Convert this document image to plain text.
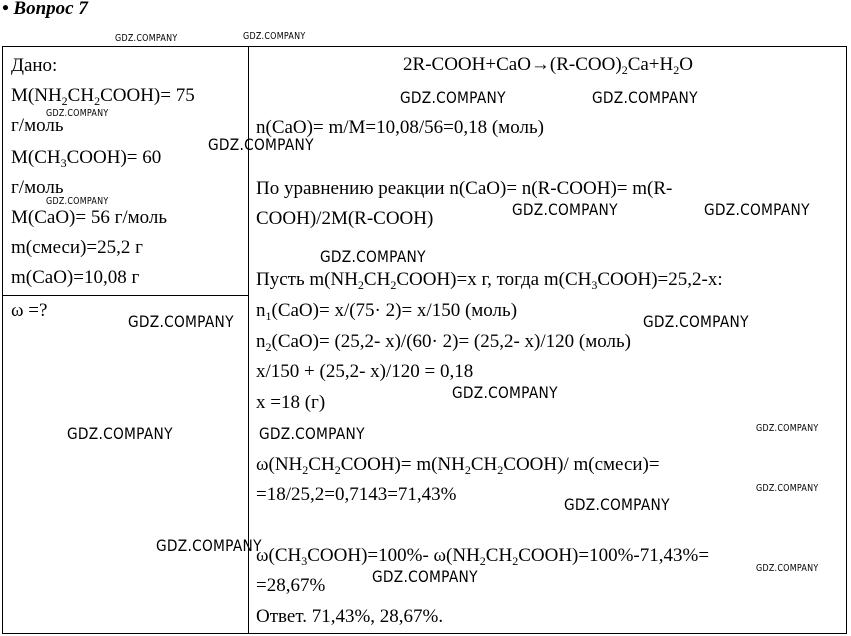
• Вопрос 7
Дано:
$M(NH_2CH_2COOH)= 75$
г/моль
$M(CH_3COOH)= 60$
г/моль
M(CaO)= 56 г/моль
m(смеси)=25,2 г
m(CaO)=10,08 г
ω =?
$2R-COOH+CaO\to(R-COO)_2Ca+H_2O$
n(CaO)= m/M=10,08/56=0,18 (моль)
По уравнению реакции n(CaO)= n(R-COOH)= m(R-
COOH)/2M(R-COOH)
Пусть $m(NH_2CH_2COOH)=х$ г, тогда $m(CH_3COOH)=25,2-х$:
$n_1(CaO)= х/(75\cdot 2)= х/150$ (моль)
$n_2(CaO)= (25,2-$ х)/(60· 2)= (25,2- х)/120 (моль)
х/150 + (25,2- х)/120 = 0,18
х =18 (г)
$\omega(NH_2CH_2COOH)=$ $m(NH_2CH_2COOH)/$ m(смеси)=
=18/25,2=0,7143=71,43%
$\omega(CH_3COOH)=100\%-$ $\omega(NH_2CH_2COOH)=100\%-71,43\%=$
=28,67%
Ответ. 71,43%, 28,67%.
GDZ.COMPANY	GDZ.COMPANY
GDZ.COMPANY	GDZ.COMPANY
GDZ.COMPANY
GDZ.COMPANY
GDZ.COMPANY	GDZ.COMPANY	GDZ.COMPANY
GDZ.COMPANY
GDZ.COMPANY	GDZ.COMPANY
GDZ.COMPANY
GDZ.COMPANY
GDZ.COMPANY	GDZ.COMPANY
GDZ.COMPANY
GDZ.COMPANY
GDZ.COMPANY
GDZ.COMPANY
GDZ.COMPANY
